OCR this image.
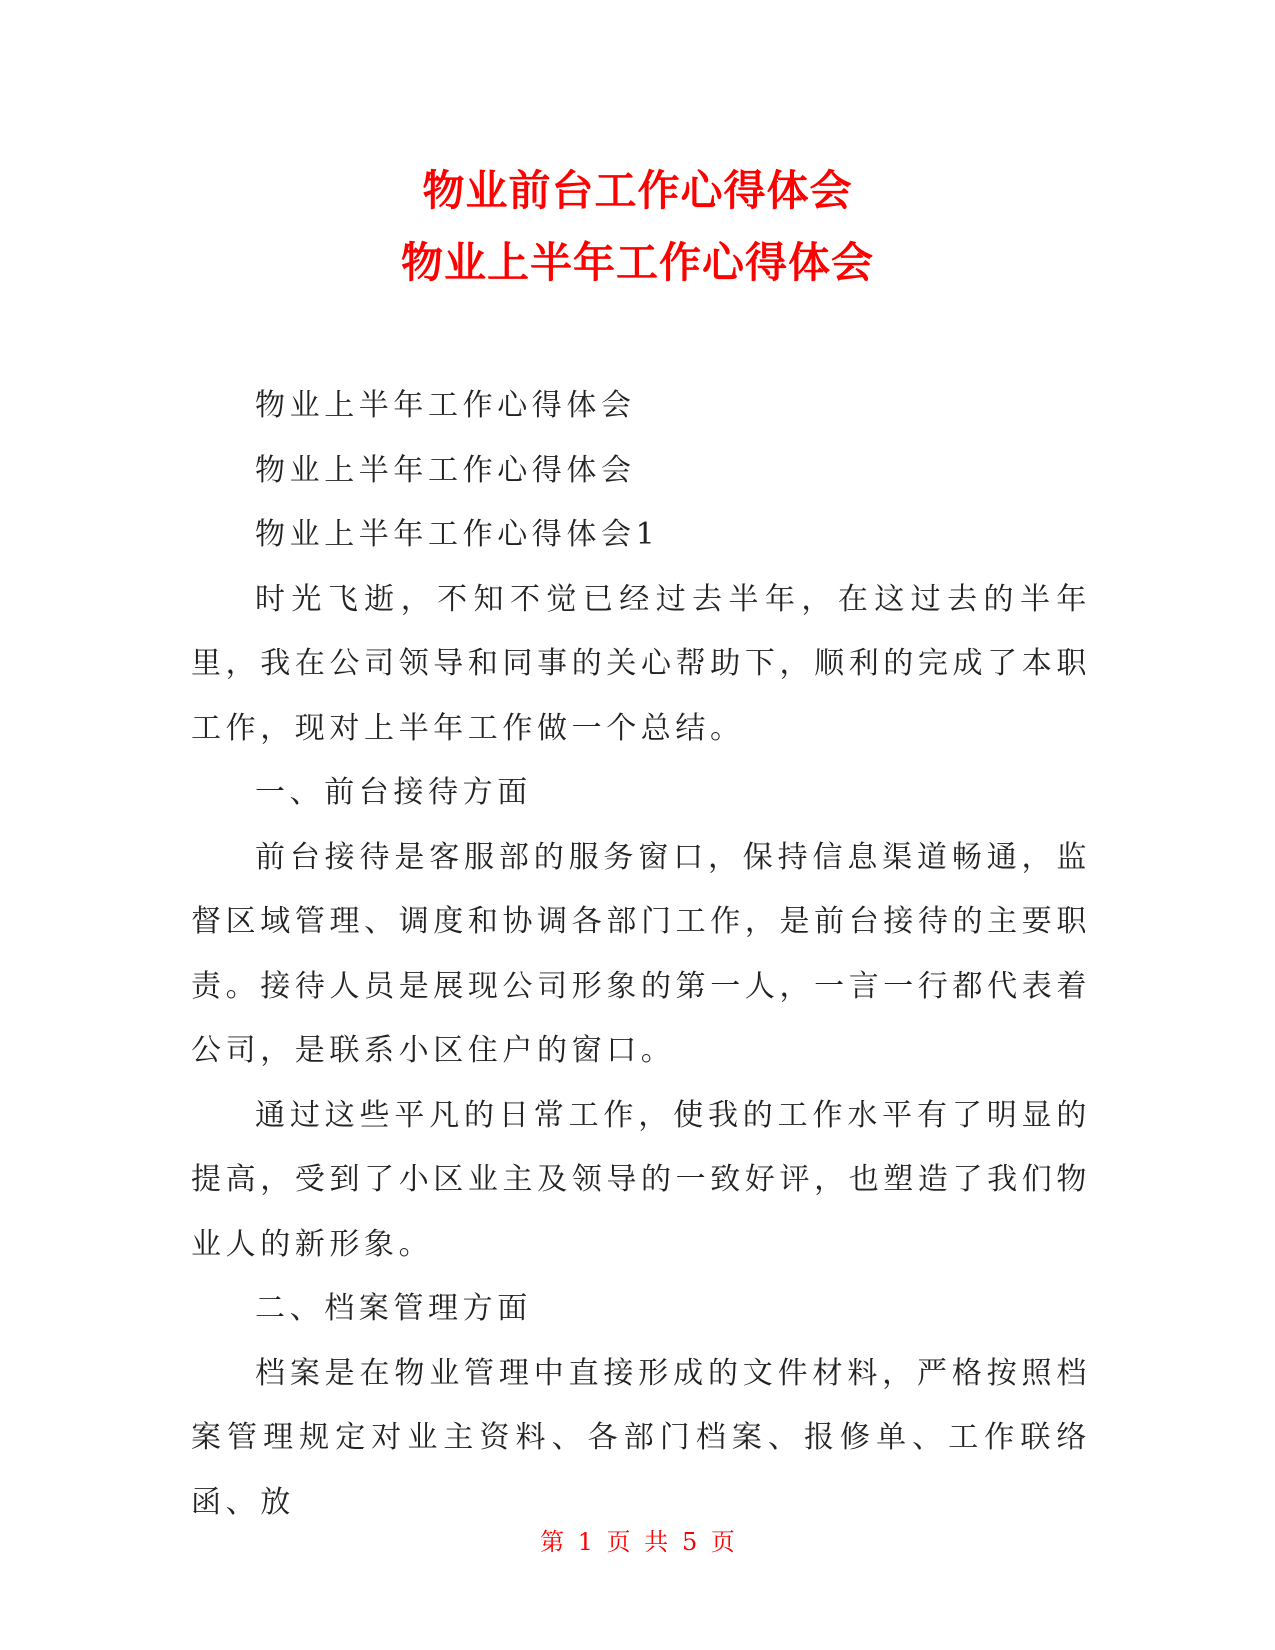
物业前台工作心得体会
物业上半年工作心得体会

物业上半年工作心得体会

物业上半年工作心得体会

物业上半年工作心得体会1

时光飞逝，不知不觉已经过去半年，在这过去的半年里，我在公司领导和同事的关心帮助下，顺利的完成了本职工作，现对上半年工作做一个总结。

一、前台接待方面

前台接待是客服部的服务窗口，保持信息渠道畅通，监督区域管理、调度和协调各部门工作，是前台接待的主要职责。接待人员是展现公司形象的第一人，一言一行都代表着公司，是联系小区住户的窗口。

通过这些平凡的日常工作，使我的工作水平有了明显的提高，受到了小区业主及领导的一致好评，也塑造了我们物业人的新形象。

二、档案管理方面

档案是在物业管理中直接形成的文件材料，严格按照档案管理规定对业主资料、各部门档案、报修单、工作联络函、放

第 1 页 共 5 页
